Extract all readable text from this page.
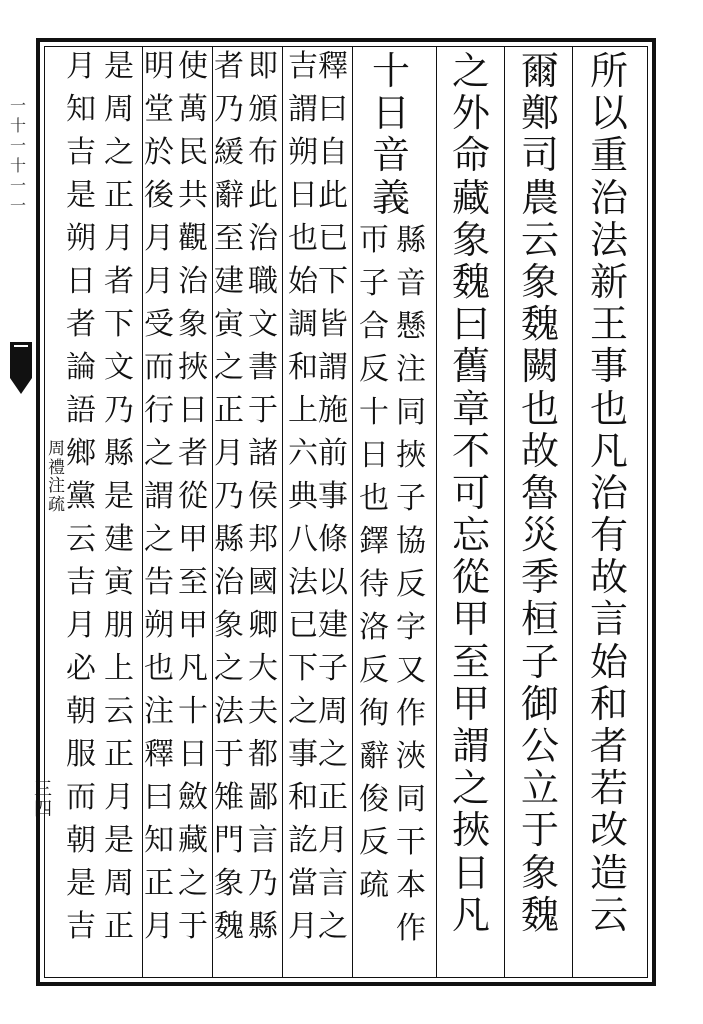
所
以
重
治
法
新
王
事
也
凡
治
有
故
言
始
和
者
若
改
造
云
爾
鄭
司
農
云
象
魏
闕
也
故
魯
災
季
桓
子
御
公
立
于
象
魏
之
外
命
藏
象
魏
曰
舊
章
不
可
忘
從
甲
至
甲
謂
之
挾
日
凡
十
日
音
義
縣
音
懸
注
同
挾
子
協
反
字
又
作
浹
同
干
本
作
帀
子
合
反
十
日
也
鐸
待
洛
反
徇
辭
俊
反
疏
釋
曰
自
此
已
下
皆
謂
施
前
事
條
以
建
子
周
之
正
月
言
之
吉
謂
朔
日
也
始
調
和
上
六
典
八
法
已
下
之
事
和
訖
當
月
即
頒
布
此
治
職
文
書
于
諸
侯
邦
國
卿
大
夫
都
鄙
言
乃
縣
者
乃
緩
辭
至
建
寅
之
正
月
乃
縣
治
象
之
法
于
雉
門
象
魏
使
萬
民
共
觀
治
象
挾
日
者
從
甲
至
甲
凡
十
日
斂
藏
之
于
明
堂
於
後
月
月
受
而
行
之
謂
之
告
朔
也
注
釋
曰
知
正
月
是
周
之
正
月
者
下
文
乃
縣
是
建
寅
朋
上
云
正
月
是
周
正
月
知
吉
是
朔
日
者
論
語
鄉
黨
云
吉
月
必
朝
服
而
朝
是
吉
一
十
一
十
一
一
周
禮
注
疏
三
四
